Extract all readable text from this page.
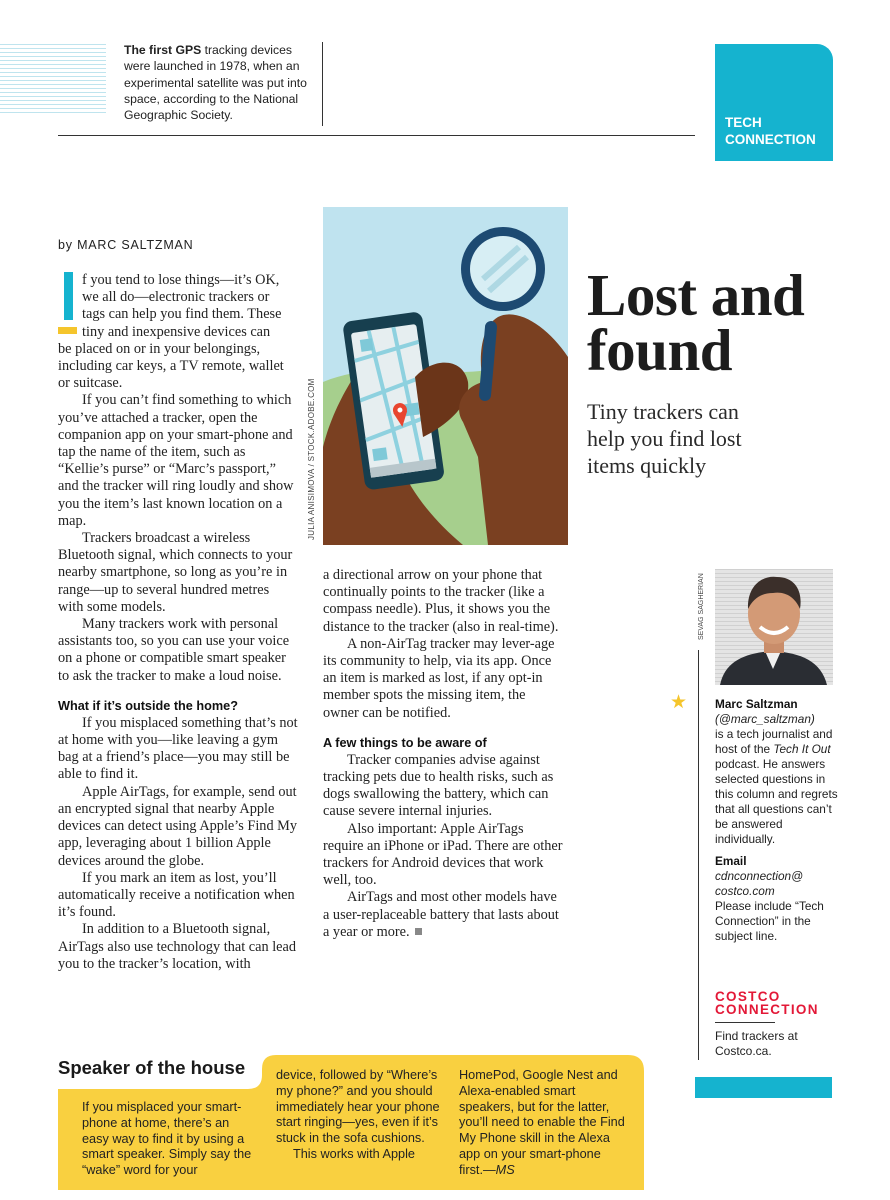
The first GPS tracking devices were launched in 1978, when an experimental satellite was put into space, according to the National Geographic Society.	TECH
CONNECTION
by MARC SALTZMAN
JULIA ANISIMOVA / STOCK.ADOBE.COM
Lost and
found
Tiny trackers can
help you find lost
items quickly
f you tend to lose things—it’s OK,
we all do—electronic trackers or
tags can help you find them. These
tiny and inexpensive devices can

be placed on or in your belongings, including car keys, a TV remote, wallet or suitcase.

If you can’t find something to which you’ve attached a tracker, open the companion app on your smart-phone and tap the name of the item, such as “Kellie’s purse” or “Marc’s passport,” and the tracker will ring loudly and show you the item’s last known location on a map.

Trackers broadcast a wireless Bluetooth signal, which connects to your nearby smartphone, so long as you’re in range—up to several hundred metres with some models.

Many trackers work with personal assistants too, so you can use your voice on a phone or compatible smart speaker to ask the tracker to make a loud noise.

What if it’s outside the home?

If you misplaced something that’s not at home with you—like leaving a gym bag at a friend’s place—you may still be able to find it.

Apple AirTags, for example, send out an encrypted signal that nearby Apple devices can detect using Apple’s Find My app, leveraging about 1 billion Apple devices around the globe.

If you mark an item as lost, you’ll automatically receive a notification when it’s found.

In addition to a Bluetooth signal, AirTags also use technology that can lead you to the tracker’s location, with

a directional arrow on your phone that continually points to the tracker (like a compass needle). Plus, it shows you the distance to the tracker (also in real-time).

A non-AirTag tracker may lever-age its community to help, via its app. Once an item is marked as lost, if any opt-in member spots the missing item, the owner can be notified.

A few things to be aware of

Tracker companies advise against tracking pets due to health risks, such as dogs swallowing the battery, which can cause severe internal injuries.

Also important: Apple AirTags require an iPhone or iPad. There are other trackers for Android devices that work well, too.

AirTags and most other models have a user-replaceable battery that lasts about a year or more.

SEVAG SAGHERIAN
★ Marc Saltzman
(@marc_saltzman)
is a tech journalist and host of the Tech It Out podcast. He answers selected questions in this column and regrets that all questions can’t be answered individually.
Email
cdnconnection@
costco.com
Please include “Tech Connection” in the subject line.
COSTCO
CONNECTION
Find trackers at Costco.ca.
Speaker of the house

If you misplaced your smart-phone at home, there’s an easy way to find it by using a smart speaker. Simply say the “wake” word for your

device, followed by “Where’s my phone?” and you should immediately hear your phone start ringing—yes, even if it’s stuck in the sofa cushions.

This works with Apple

HomePod, Google Nest and Alexa-enabled smart speakers, but for the latter, you’ll need to enable the Find My Phone skill in the Alexa app on your smart-phone first.—MS
